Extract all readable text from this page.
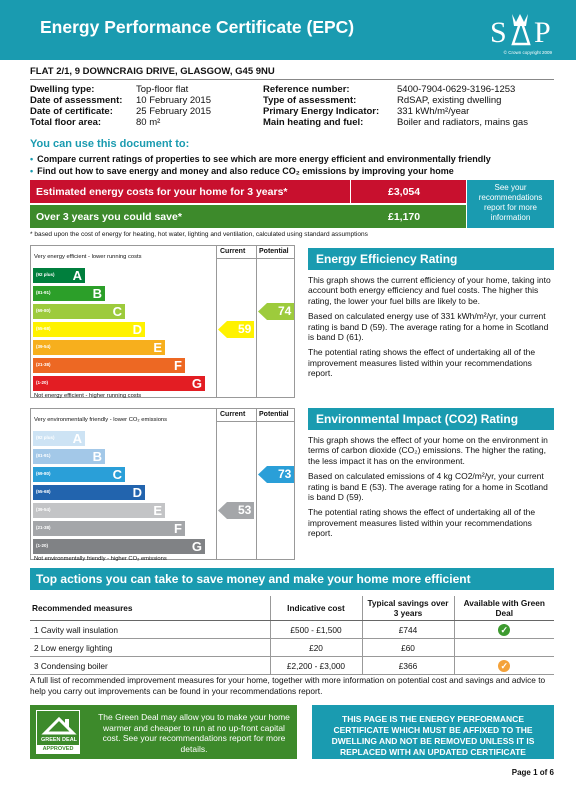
Energy Performance Certificate (EPC)	S P
© Crown copyright 2009
FLAT 2/1, 9 DOWNCRAIG DRIVE, GLASGOW, G45 9NU
Dwelling type:	Top-floor flat
Date of assessment:	10 February 2015
Date of certificate:	25 February 2015
Total floor area:	80 m²
Reference number:	5400-7904-0629-3196-1253
Type of assessment:	RdSAP, existing dwelling
Primary Energy Indicator:	331 kWh/m²/year
Main heating and fuel:	Boiler and radiators, mains gas
You can use this document to:
• Compare current ratings of properties to see which are more energy efficient and environmentally friendly
• Find out how to save energy and money and also reduce CO₂ emissions by improving your home
Estimated energy costs for your home for 3 years*	£3,054
Over 3 years you could save*	£1,170
See your recommendations report for more information
* based upon the cost of energy for heating, hot water, lighting and ventilation, calculated using standard assumptions
Current Potential
Very energy efficient - lower running costs
(92 plus) A
(81-91)	B
(69-80)	C
(55-68)	D
(39-54)	E
(21-38)	F
(1-20)	G
Not energy efficient - higher running costs
59
74
Energy Efficiency Rating

This graph shows the current efficiency of your home, taking into account both energy efficiency and fuel costs. The higher this rating, the lower your fuel bills are likely to be.

Based on calculated energy use of 331 kWh/m²/yr, your current rating is band D (59). The average rating for a home in Scotland is band D (61).

The potential rating shows the effect of undertaking all of the improvement measures listed within your recommendations report.

Current Potential
Very environmentally friendly - lower CO₂ emissions
(92 plus) A
(81-91)	B
(69-80)	C
(55-68)	D
(39-54)	E
(21-38)	F
(1-20)	G
Not environmentally friendly - higher CO₂ emissions
53
73
Environmental Impact (CO2) Rating

This graph shows the effect of your home on the environment in terms of carbon dioxide (CO₂) emissions. The higher the rating, the less impact it has on the environment.

Based on calculated emissions of 4 kg CO2/m²/yr, your current rating is band E (53). The average rating for a home in Scotland is band D (59).

The potential rating shows the effect of undertaking all of the improvement measures listed within your recommendations report.

Top actions you can take to save money and make your home more efficient
Recommended measures	Indicative cost	Typical savings over 3 years	Available with Green Deal
1 Cavity wall insulation	£500 - £1,500	£744	✓
2 Low energy lighting	£20	£60	
3 Condensing boiler	£2,200 - £3,000	£366	✓
A full list of recommended improvement measures for your home, together with more information on potential cost and savings and advice to help you carry out improvements can be found in your recommendations report.
GREEN DEAL
APPROVED
The Green Deal may allow you to make your home warmer and cheaper to run at no up-front capital cost. See your recommendations report for more details.
THIS PAGE IS THE ENERGY PERFORMANCE CERTIFICATE WHICH MUST BE AFFIXED TO THE DWELLING AND NOT BE REMOVED UNLESS IT IS REPLACED WITH AN UPDATED CERTIFICATE
Page 1 of 6
